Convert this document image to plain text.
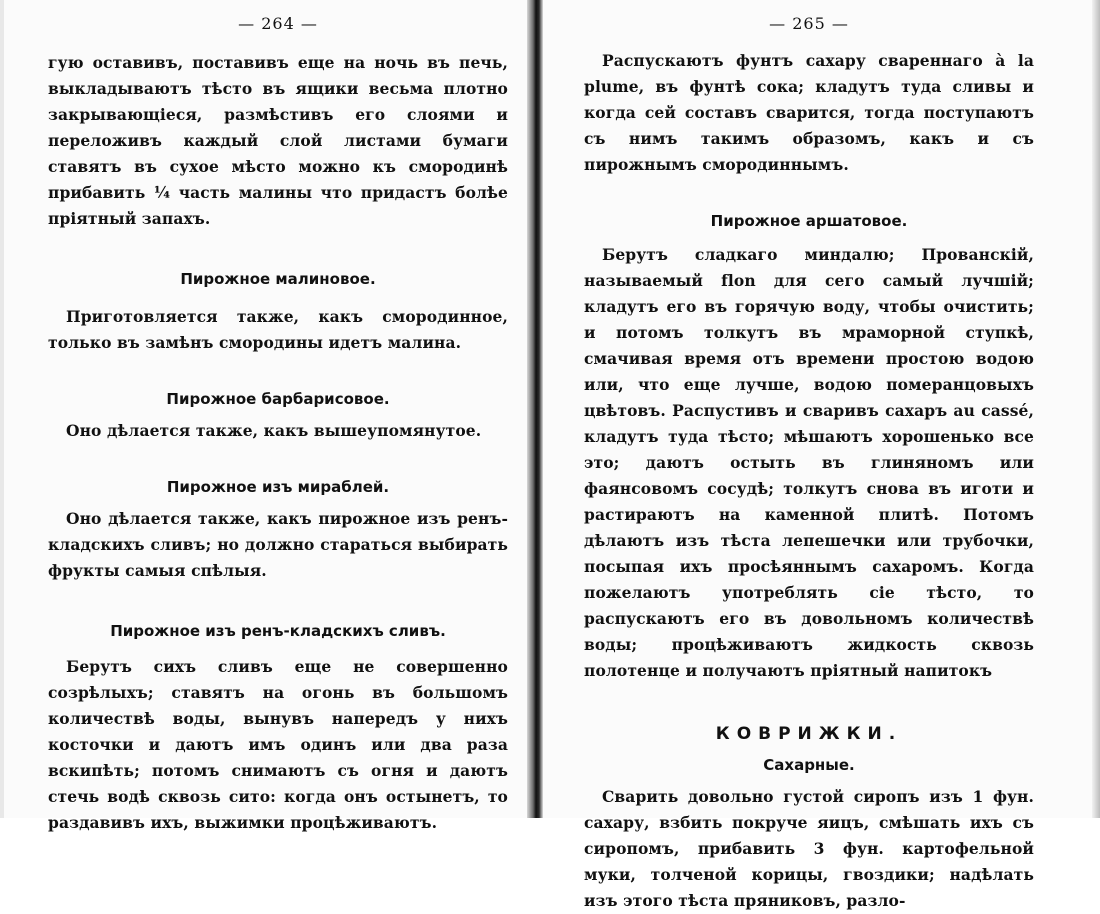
— 264 —

гую оставивъ, поставивъ еще на ночь въ печь, выкладываютъ тѣсто въ ящики весьма плотно закрывающіеся, размѣстивъ его слоями и переложивъ каждый слой листами бумаги ставятъ въ сухое мѣсто можно къ смородинѣ прибавить ¼ часть малины что придастъ болѣе пріятный запахъ.

Пирожное малиновое.

Приготовляется также, какъ смородинное, только въ замѣнъ смородины идетъ малина.

Пирожное барбарисовое.

Оно дѣлается также, какъ вышеупомянутое.

Пирожное изъ мираблей.

Оно дѣлается также, какъ пирожное изъ ренъ-кладскихъ сливъ; но должно стараться выбирать фрукты самыя спѣлыя.

Пирожное изъ ренъ-кладскихъ сливъ.

Берутъ сихъ сливъ еще не совершенно созрѣлыхъ; ставятъ на огонь въ большомъ количествѣ воды, вынувъ напередъ у нихъ косточки и даютъ имъ одинъ или два раза вскипѣть; потомъ снимаютъ съ огня и даютъ стечь водѣ сквозь сито: когда онъ остынетъ, то раздавивъ ихъ, выжимки процѣживаютъ.

— 265 —

Распускаютъ фунтъ сахару свареннаго à la plume, въ фунтѣ сока; кладутъ туда сливы и когда сей составъ сварится, тогда поступаютъ съ нимъ такимъ образомъ, какъ и съ пирожнымъ смородиннымъ.

Пирожное аршатовое.

Берутъ сладкаго миндалю; Прованскій, называемый flon для сего самый лучшій; кладутъ его въ горячую воду, чтобы очистить; и потомъ толкутъ въ мраморной ступкѣ, смачивая время отъ времени простою водою или, что еще лучше, водою померанцовыхъ цвѣтовъ. Распустивъ и сваривъ сахаръ au cassé, кладутъ туда тѣсто; мѣшаютъ хорошенько все это; даютъ остыть въ глиняномъ или фаянсовомъ сосудѣ; толкутъ снова въ иготи и растираютъ на каменной плитѣ. Потомъ дѣлаютъ изъ тѣста лепешечки или трубочки, посыпая ихъ просѣяннымъ сахаромъ. Когда пожелаютъ употреблять сіе тѣсто, то распускаютъ его въ довольномъ количествѣ воды; процѣживаютъ жидкость сквозь полотенце и получаютъ пріятный напитокъ

КОВРИЖКИ.

Сахарные.

Сварить довольно густой сиропъ изъ 1 фун. сахару, взбить покруче яицъ, смѣшать ихъ съ сиропомъ, прибавить 3 фун. картофельной муки, толченой корицы, гвоздики; надѣлать изъ этого тѣста пряниковъ, разло-
